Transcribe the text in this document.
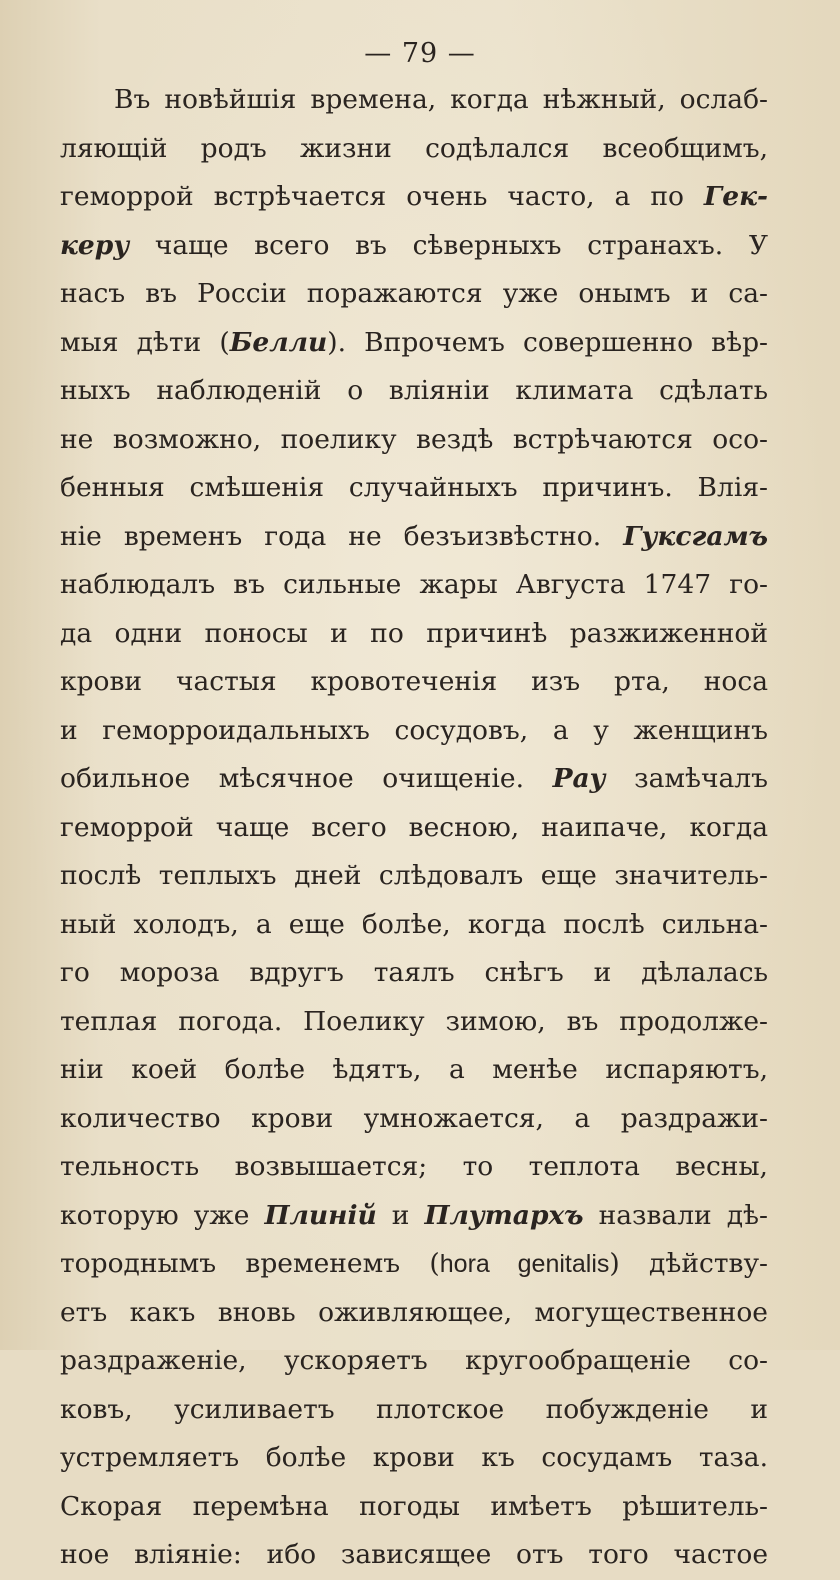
— 79 —
Въ новѣйшія времена, когда нѣжный, ослаб-
ляющій родъ жизни содѣлался всеобщимъ,
геморрой встрѣчается очень часто, а по Гек-
керу чаще всего въ сѣверныхъ странахъ. У
насъ въ Россіи поражаются уже онымъ и са-
мыя дѣти (Белли). Впрочемъ совершенно вѣр-
ныхъ наблюденій о вліяніи климата сдѣлать
не возможно, поелику вездѣ встрѣчаются осо-
бенныя смѣшенія случайныхъ причинъ. Влія-
ніе временъ года не безъизвѣстно. Гуксгамъ
наблюдалъ въ сильные жары Августа 1747 го-
да одни поносы и по причинѣ разжиженной
крови частыя кровотеченія изъ рта, носа
и геморроидальныхъ сосудовъ, а у женщинъ
обильное мѣсячное очищеніе. Рау замѣчалъ
геморрой чаще всего весною, наипаче, когда
послѣ теплыхъ дней слѣдовалъ еще значитель-
ный холодъ, а еще болѣе, когда послѣ сильна-
го мороза вдругъ таялъ снѣгъ и дѣлалась
теплая погода. Поелику зимою, въ продолже-
ніи коей болѣе ѣдятъ, а менѣе испаряютъ,
количество крови умножается, а раздражи-
тельность возвышается; то теплота весны,
которую уже Плиній и Плутархъ назвали дѣ-
тороднымъ временемъ (hora genitalis) дѣйству-
етъ какъ вновь оживляющее, могущественное
раздраженіе, ускоряетъ кругообращеніе со-
ковъ, усиливаетъ плотское побужденіе и
устремляетъ болѣе крови къ сосудамъ таза.
Скорая перемѣна погоды имѣетъ рѣшитель-
ное вліяніе: ибо зависящее отъ того частое
